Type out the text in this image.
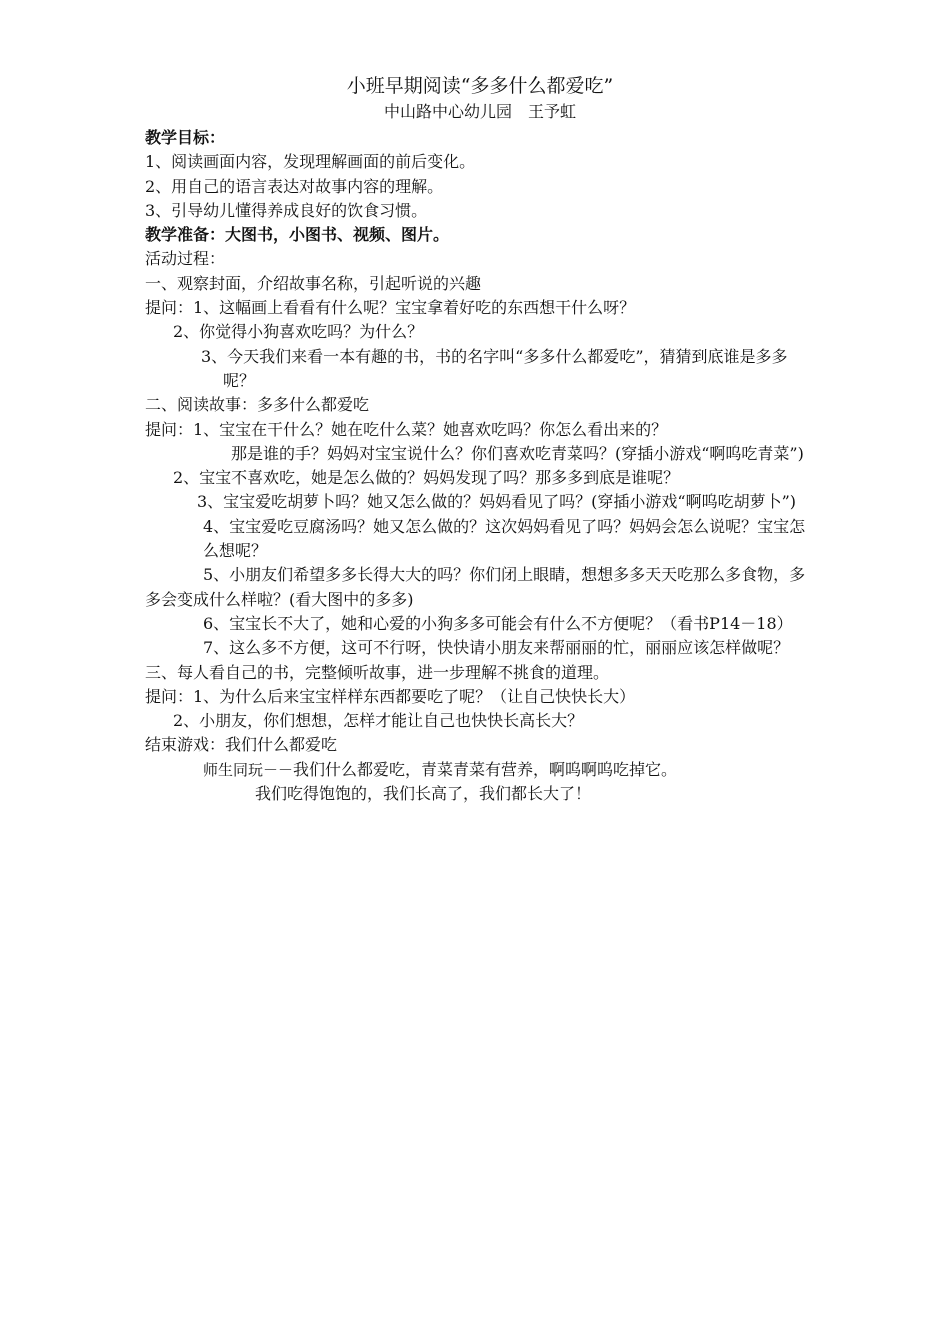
小班早期阅读“多多什么都爱吃”

中山路中心幼儿园　王予虹

教学目标：

1、阅读画面内容，发现理解画面的前后变化。

2、用自己的语言表达对故事内容的理解。

3、引导幼儿懂得养成良好的饮食习惯。

教学准备：大图书，小图书、视频、图片。

活动过程：

一、观察封面，介绍故事名称，引起听说的兴趣

提问：1、这幅画上看看有什么呢？宝宝拿着好吃的东西想干什么呀？

2、你觉得小狗喜欢吃吗？为什么？

3、今天我们来看一本有趣的书，书的名字叫“多多什么都爱吃”，猜猜到底谁是多多呢？

二、阅读故事：多多什么都爱吃

提问：1、宝宝在干什么？她在吃什么菜？她喜欢吃吗？你怎么看出来的？

那是谁的手？妈妈对宝宝说什么？你们喜欢吃青菜吗？(穿插小游戏“啊呜吃青菜”)

2、宝宝不喜欢吃，她是怎么做的？妈妈发现了吗？那多多到底是谁呢？

3、宝宝爱吃胡萝卜吗？她又怎么做的？妈妈看见了吗？(穿插小游戏“啊呜吃胡萝卜”)

4、宝宝爱吃豆腐汤吗？她又怎么做的？这次妈妈看见了吗？妈妈会怎么说呢？宝宝怎么想呢？

5、小朋友们希望多多长得大大的吗？你们闭上眼睛，想想多多天天吃那么多食物，多多会变成什么样啦？(看大图中的多多)

6、宝宝长不大了，她和心爱的小狗多多可能会有什么不方便呢？（看书P14－18）

7、这么多不方便，这可不行呀，快快请小朋友来帮丽丽的忙，丽丽应该怎样做呢？

三、每人看自己的书，完整倾听故事，进一步理解不挑食的道理。

提问：1、为什么后来宝宝样样东西都要吃了呢？（让自己快快长大）

2、小朋友，你们想想，怎样才能让自己也快快长高长大？

结束游戏：我们什么都爱吃

师生同玩－－我们什么都爱吃，青菜青菜有营养，啊呜啊呜吃掉它。

我们吃得饱饱的，我们长高了，我们都长大了！
